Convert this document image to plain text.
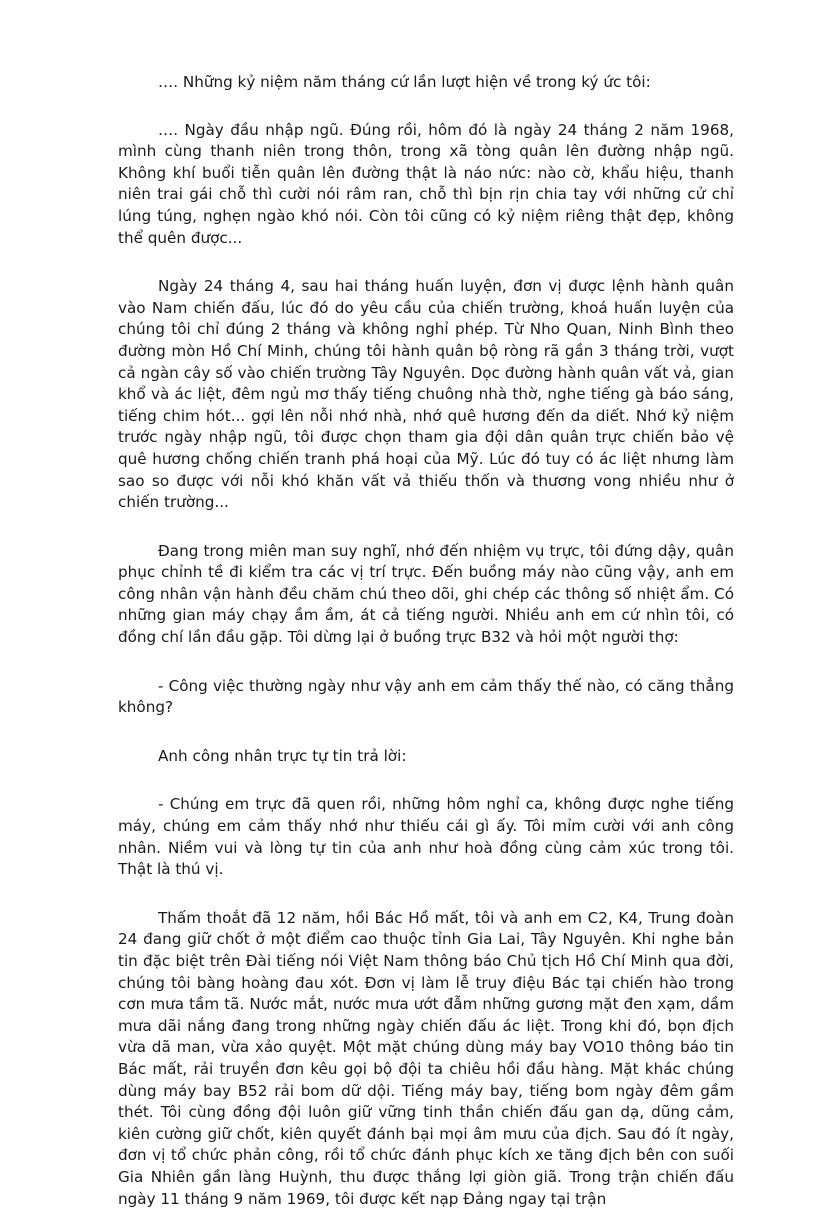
…. Những kỷ niệm năm tháng cứ lần lượt hiện về trong ký ức tôi:

…. Ngày đầu nhập ngũ. Đúng rồi, hôm đó là ngày 24 tháng 2 năm 1968, mình cùng thanh niên trong thôn, trong xã tòng quân lên đường nhập ngũ. Không khí buổi tiễn quân lên đường thật là náo nức: nào cờ, khẩu hiệu, thanh niên trai gái chỗ thì cười nói râm ran, chỗ thì bịn rịn chia tay với những cử chỉ lúng túng, nghẹn ngào khó nói. Còn tôi cũng có kỷ niệm riêng thật đẹp, không thể quên được...

Ngày 24 tháng 4, sau hai tháng huấn luyện, đơn vị được lệnh hành quân vào Nam chiến đấu, lúc đó do yêu cầu của chiến trường, khoá huấn luyện của chúng tôi chỉ đúng 2 tháng và không nghỉ phép. Từ Nho Quan, Ninh Bình theo đường mòn Hồ Chí Minh, chúng tôi hành quân bộ ròng rã gần 3 tháng trời, vượt cả ngàn cây số vào chiến trường Tây Nguyên. Dọc đường hành quân vất vả, gian khổ và ác liệt, đêm ngủ mơ thấy tiếng chuông nhà thờ, nghe tiếng gà báo sáng, tiếng chim hót... gợi lên nỗi nhớ nhà, nhớ quê hương đến da diết. Nhớ kỷ niệm trước ngày nhập ngũ, tôi được chọn tham gia đội dân quân trực chiến bảo vệ quê hương chống chiến tranh phá hoại của Mỹ. Lúc đó tuy có ác liệt nhưng làm sao so được với nỗi khó khăn vất vả thiếu thốn và thương vong nhiều như ở chiến trường...

Đang trong miên man suy nghĩ, nhớ đến nhiệm vụ trực, tôi đứng dậy, quân phục chỉnh tề đi kiểm tra các vị trí trực. Đến buồng máy nào cũng vậy, anh em công nhân vận hành đều chăm chú theo dõi, ghi chép các thông số nhiệt ẩm. Có những gian máy chạy ầm ầm, át cả tiếng người. Nhiều anh em cứ nhìn tôi, có đồng chí lần đầu gặp. Tôi dừng lại ở buồng trực B32 và hỏi một người thợ:

- Công việc thường ngày như vậy anh em cảm thấy thế nào, có căng thẳng không?

Anh công nhân trực tự tin trả lời:

- Chúng em trực đã quen rồi, những hôm nghỉ ca, không được nghe tiếng máy, chúng em cảm thấy nhớ như thiếu cái gì ấy. Tôi mỉm cười với anh công nhân. Niềm vui và lòng tự tin của anh như hoà đồng cùng cảm xúc trong tôi. Thật là thú vị.

Thấm thoắt đã 12 năm, hồi Bác Hồ mất, tôi và anh em C2, K4, Trung đoàn 24 đang giữ chốt ở một điểm cao thuộc tỉnh Gia Lai, Tây Nguyên. Khi nghe bản tin đặc biệt trên Đài tiếng nói Việt Nam thông báo Chủ tịch Hồ Chí Minh qua đời, chúng tôi bàng hoàng đau xót. Đơn vị làm lễ truy điệu Bác tại chiến hào trong cơn mưa tầm tã. Nước mắt, nước mưa ướt đẫm những gương mặt đen xạm, dầm mưa dãi nắng đang trong những ngày chiến đấu ác liệt. Trong khi đó, bọn địch vừa dã man, vừa xảo quyệt. Một mặt chúng dùng máy bay VO10 thông báo tin Bác mất, rải truyền đơn kêu gọi bộ đội ta chiêu hồi đầu hàng. Mặt khác chúng dùng máy bay B52 rải bom dữ dội. Tiếng máy bay, tiếng bom ngày đêm gầm thét. Tôi cùng đồng đội luôn giữ vững tinh thần chiến đấu gan dạ, dũng cảm, kiên cường giữ chốt, kiên quyết đánh bại mọi âm mưu của địch. Sau đó ít ngày, đơn vị tổ chức phản công, rồi tổ chức đánh phục kích xe tăng địch bên con suối Gia Nhiên gần làng Huỳnh, thu được thắng lợi giòn giã. Trong trận chiến đấu ngày 11 tháng 9 năm 1969, tôi được kết nạp Đảng ngay tại trận
